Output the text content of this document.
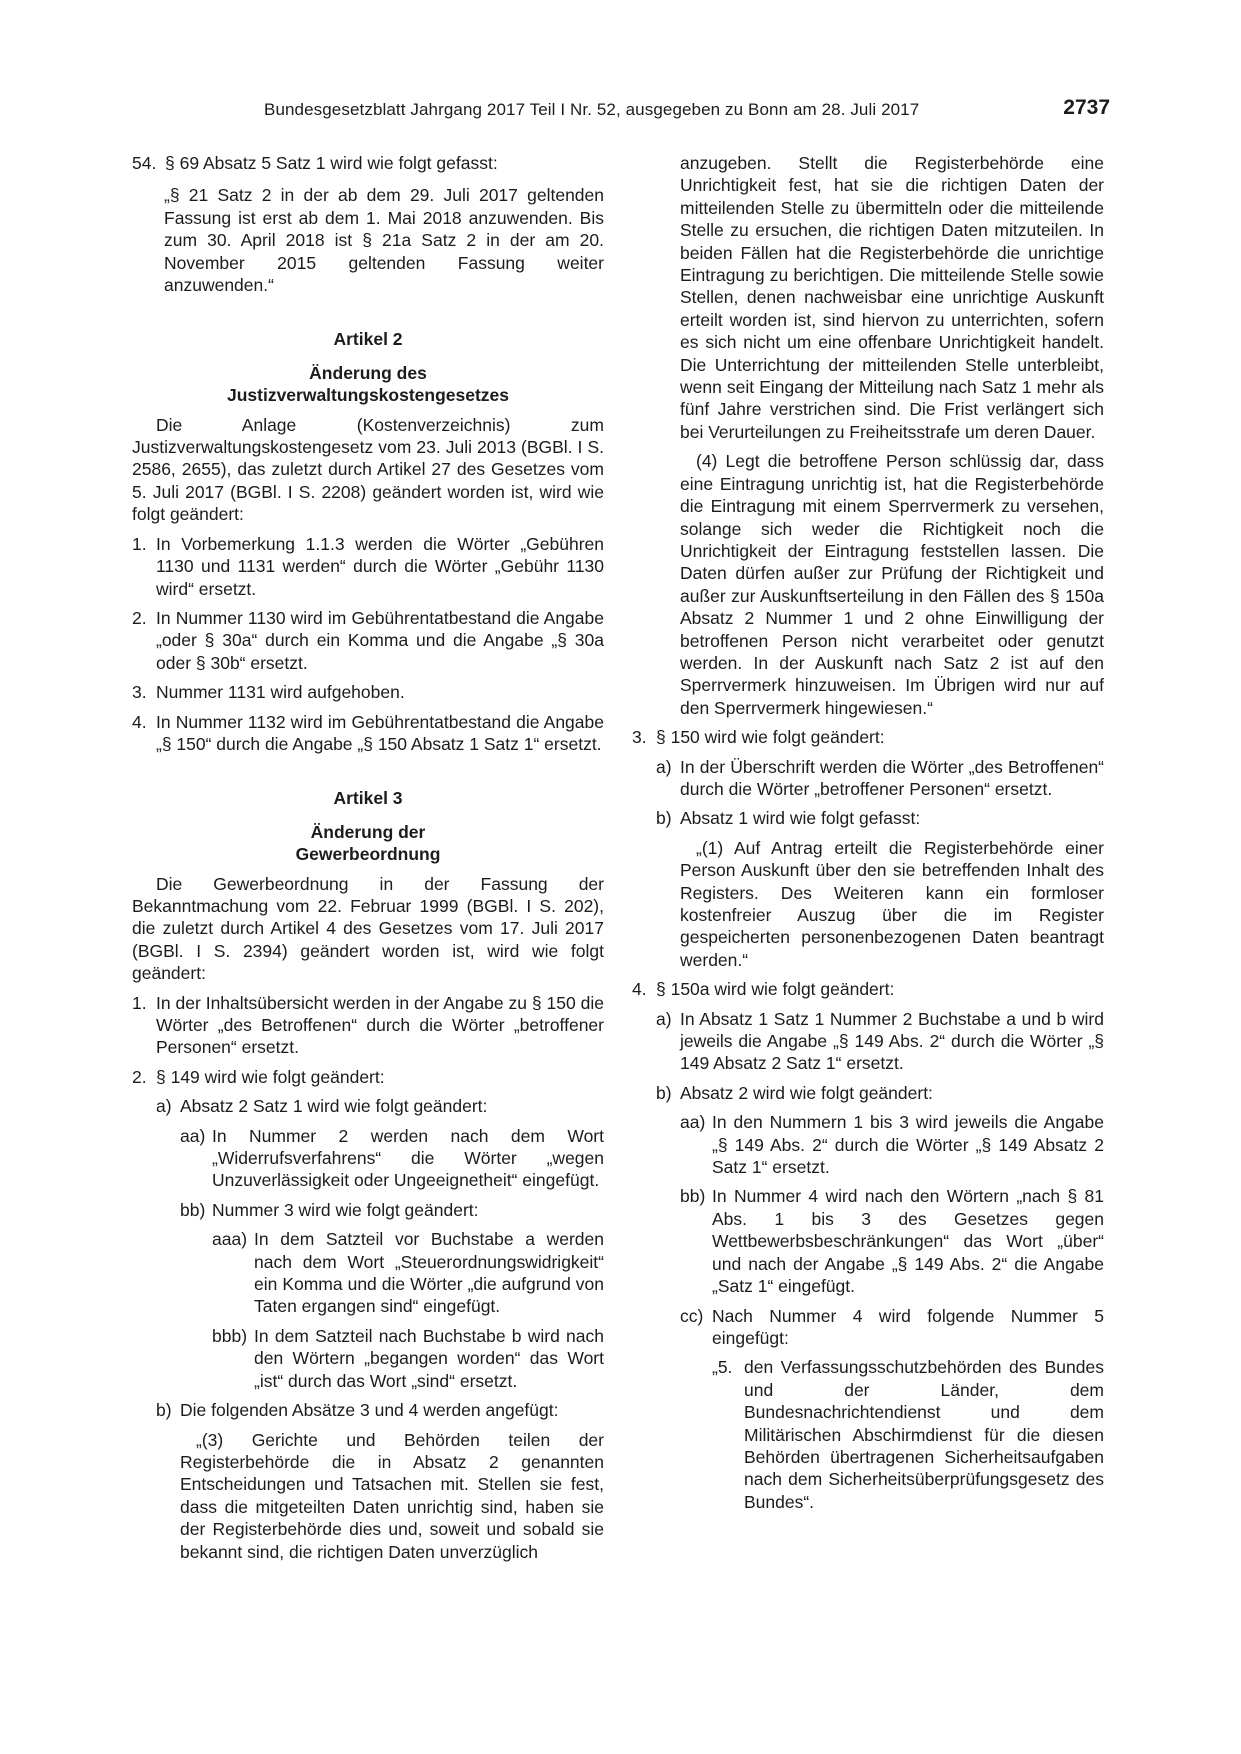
Bundesgesetzblatt Jahrgang 2017 Teil I Nr. 52, ausgegeben zu Bonn am 28. Juli 2017	2737
54. § 69 Absatz 5 Satz 1 wird wie folgt gefasst:

„§ 21 Satz 2 in der ab dem 29. Juli 2017 geltenden Fassung ist erst ab dem 1. Mai 2018 anzuwenden. Bis zum 30. April 2018 ist § 21a Satz 2 in der am 20. November 2015 geltenden Fassung weiter anzuwenden.“

Artikel 2

Änderung des

Justizverwaltungskostengesetzes

Die Anlage (Kostenverzeichnis) zum Justizverwaltungskostengesetz vom 23. Juli 2013 (BGBl. I S. 2586, 2655), das zuletzt durch Artikel 27 des Gesetzes vom 5. Juli 2017 (BGBl. I S. 2208) geändert worden ist, wird wie folgt geändert:

1. In Vorbemerkung 1.1.3 werden die Wörter „Gebühren 1130 und 1131 werden“ durch die Wörter „Gebühr 1130 wird“ ersetzt.
2. In Nummer 1130 wird im Gebührentatbestand die Angabe „oder § 30a“ durch ein Komma und die Angabe „§ 30a oder § 30b“ ersetzt.
3. Nummer 1131 wird aufgehoben.
4. In Nummer 1132 wird im Gebührentatbestand die Angabe „§ 150“ durch die Angabe „§ 150 Absatz 1 Satz 1“ ersetzt.

Artikel 3

Änderung der

Gewerbeordnung

Die Gewerbeordnung in der Fassung der Bekanntmachung vom 22. Februar 1999 (BGBl. I S. 202), die zuletzt durch Artikel 4 des Gesetzes vom 17. Juli 2017 (BGBl. I S. 2394) geändert worden ist, wird wie folgt geändert:

1. In der Inhaltsübersicht werden in der Angabe zu § 150 die Wörter „des Betroffenen“ durch die Wörter „betroffener Personen“ ersetzt.
2. § 149 wird wie folgt geändert:
a) Absatz 2 Satz 1 wird wie folgt geändert:
aa) In Nummer 2 werden nach dem Wort „Widerrufsverfahrens“ die Wörter „wegen Unzuverlässigkeit oder Ungeeignetheit“ eingefügt.
bb) Nummer 3 wird wie folgt geändert:
aaa) In dem Satzteil vor Buchstabe a werden nach dem Wort „Steuerordnungswidrigkeit“ ein Komma und die Wörter „die aufgrund von Taten ergangen sind“ eingefügt.
bbb) In dem Satzteil nach Buchstabe b wird nach den Wörtern „begangen worden“ das Wort „ist“ durch das Wort „sind“ ersetzt.
b) Die folgenden Absätze 3 und 4 werden angefügt:

„(3) Gerichte und Behörden teilen der Registerbehörde die in Absatz 2 genannten Entscheidungen und Tatsachen mit. Stellen sie fest, dass die mitgeteilten Daten unrichtig sind, haben sie der Registerbehörde dies und, soweit und sobald sie bekannt sind, die richtigen Daten unverzüglich

anzugeben. Stellt die Registerbehörde eine Unrichtigkeit fest, hat sie die richtigen Daten der mitteilenden Stelle zu übermitteln oder die mitteilende Stelle zu ersuchen, die richtigen Daten mitzuteilen. In beiden Fällen hat die Registerbehörde die unrichtige Eintragung zu berichtigen. Die mitteilende Stelle sowie Stellen, denen nachweisbar eine unrichtige Auskunft erteilt worden ist, sind hiervon zu unterrichten, sofern es sich nicht um eine offenbare Unrichtigkeit handelt. Die Unterrichtung der mitteilenden Stelle unterbleibt, wenn seit Eingang der Mitteilung nach Satz 1 mehr als fünf Jahre verstrichen sind. Die Frist verlängert sich bei Verurteilungen zu Freiheitsstrafe um deren Dauer.

(4) Legt die betroffene Person schlüssig dar, dass eine Eintragung unrichtig ist, hat die Registerbehörde die Eintragung mit einem Sperrvermerk zu versehen, solange sich weder die Richtigkeit noch die Unrichtigkeit der Eintragung feststellen lassen. Die Daten dürfen außer zur Prüfung der Richtigkeit und außer zur Auskunftserteilung in den Fällen des § 150a Absatz 2 Nummer 1 und 2 ohne Einwilligung der betroffenen Person nicht verarbeitet oder genutzt werden. In der Auskunft nach Satz 2 ist auf den Sperrvermerk hinzuweisen. Im Übrigen wird nur auf den Sperrvermerk hingewiesen.“

3. § 150 wird wie folgt geändert:
a) In der Überschrift werden die Wörter „des Betroffenen“ durch die Wörter „betroffener Personen“ ersetzt.
b) Absatz 1 wird wie folgt gefasst:

„(1) Auf Antrag erteilt die Registerbehörde einer Person Auskunft über den sie betreffenden Inhalt des Registers. Des Weiteren kann ein formloser kostenfreier Auszug über die im Register gespeicherten personenbezogenen Daten beantragt werden.“

4. § 150a wird wie folgt geändert:
a) In Absatz 1 Satz 1 Nummer 2 Buchstabe a und b wird jeweils die Angabe „§ 149 Abs. 2“ durch die Wörter „§ 149 Absatz 2 Satz 1“ ersetzt.
b) Absatz 2 wird wie folgt geändert:
aa) In den Nummern 1 bis 3 wird jeweils die Angabe „§ 149 Abs. 2“ durch die Wörter „§ 149 Absatz 2 Satz 1“ ersetzt.
bb) In Nummer 4 wird nach den Wörtern „nach § 81 Abs. 1 bis 3 des Gesetzes gegen Wettbewerbsbeschränkungen“ das Wort „über“ und nach der Angabe „§ 149 Abs. 2“ die Angabe „Satz 1“ eingefügt.
cc) Nach Nummer 4 wird folgende Nummer 5 eingefügt:
„5. den Verfassungsschutzbehörden des Bundes und der Länder, dem Bundesnachrichtendienst und dem Militärischen Abschirmdienst für die diesen Behörden übertragenen Sicherheitsaufgaben nach dem Sicherheitsüberprüfungsgesetz des Bundes“.
